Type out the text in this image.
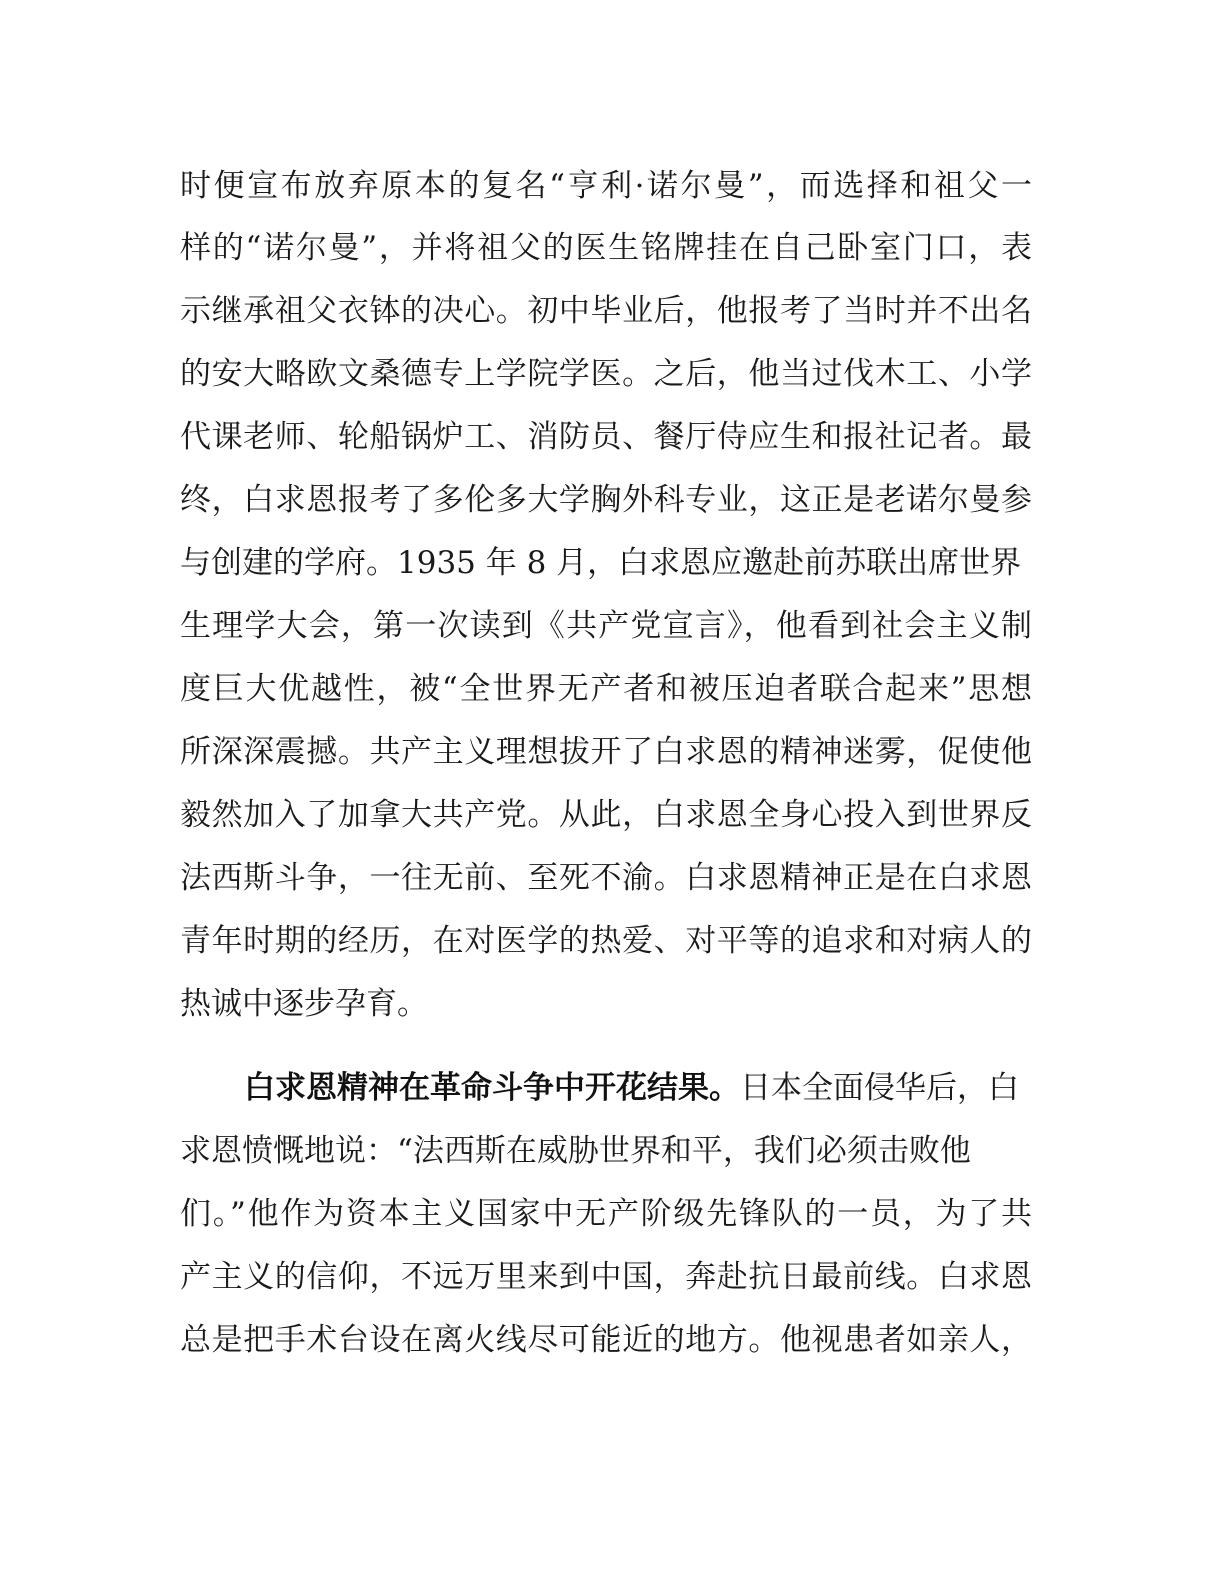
时便宣布放弃原本的复名“亨利·诺尔曼”，而选择和祖父一

样的“诺尔曼”，并将祖父的医生铭牌挂在自己卧室门口，表

示继承祖父衣钵的决心。初中毕业后，他报考了当时并不出名

的安大略欧文桑德专上学院学医。之后，他当过伐木工、小学

代课老师、轮船锅炉工、消防员、餐厅侍应生和报社记者。最

终，白求恩报考了多伦多大学胸外科专业，这正是老诺尔曼参

与创建的学府。1935 年 8 月，白求恩应邀赴前苏联出席世界

生理学大会，第一次读到《共产党宣言》，他看到社会主义制

度巨大优越性，被“全世界无产者和被压迫者联合起来”思想

所深深震撼。共产主义理想拔开了白求恩的精神迷雾，促使他

毅然加入了加拿大共产党。从此，白求恩全身心投入到世界反

法西斯斗争，一往无前、至死不渝。白求恩精神正是在白求恩

青年时期的经历，在对医学的热爱、对平等的追求和对病人的

热诚中逐步孕育。

白求恩精神在革命斗争中开花结果。日本全面侵华后，白

求恩愤慨地说：“法西斯在威胁世界和平，我们必须击败他

们。”他作为资本主义国家中无产阶级先锋队的一员，为了共

产主义的信仰，不远万里来到中国，奔赴抗日最前线。白求恩

总是把手术台设在离火线尽可能近的地方。他视患者如亲人，
